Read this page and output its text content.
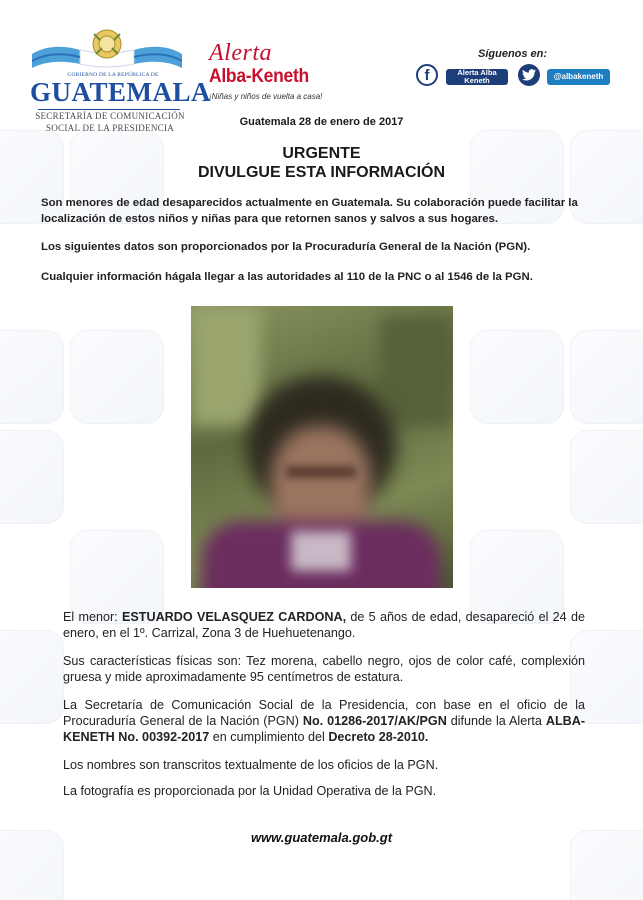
GOBIERNO DE LA REPÚBLICA DE
GUATEMALA
SECRETARÍA DE COMUNICACIÓN
SOCIAL DE LA PRESIDENCIA
Alerta
Alba-Keneth
¡Niñas y niños de vuelta a casa!
Síguenos en:
f	Alerta Alba
Keneth	@albakeneth
Guatemala 28 de enero de 2017
URGENTE
DIVULGUE ESTA INFORMACIÓN
Son menores de edad desaparecidos actualmente en Guatemala. Su colaboración puede facilitar la localización de estos niños y niñas para que retornen sanos y salvos a sus hogares.
Los siguientes datos son proporcionados por la Procuraduría General de la Nación (PGN).
Cualquier información hágala llegar a las autoridades al 110 de la PNC o al 1546 de la PGN.
El menor: ESTUARDO VELASQUEZ CARDONA, de 5 años de edad, desapareció el 24 de enero, en el 1º. Carrizal, Zona 3 de Huehuetenango.
Sus características físicas son: Tez morena, cabello negro, ojos de color café, complexión gruesa y mide aproximadamente 95 centímetros de estatura.
La Secretaría de Comunicación Social de la Presidencia, con base en el oficio de la Procuraduría General de la Nación (PGN) No. 01286-2017/AK/PGN difunde la Alerta ALBA-KENETH No. 00392-2017 en cumplimiento del Decreto 28-2010.
Los nombres son transcritos textualmente de los oficios de la PGN.
La fotografía es proporcionada por la Unidad Operativa de la PGN.
www.guatemala.gob.gt
